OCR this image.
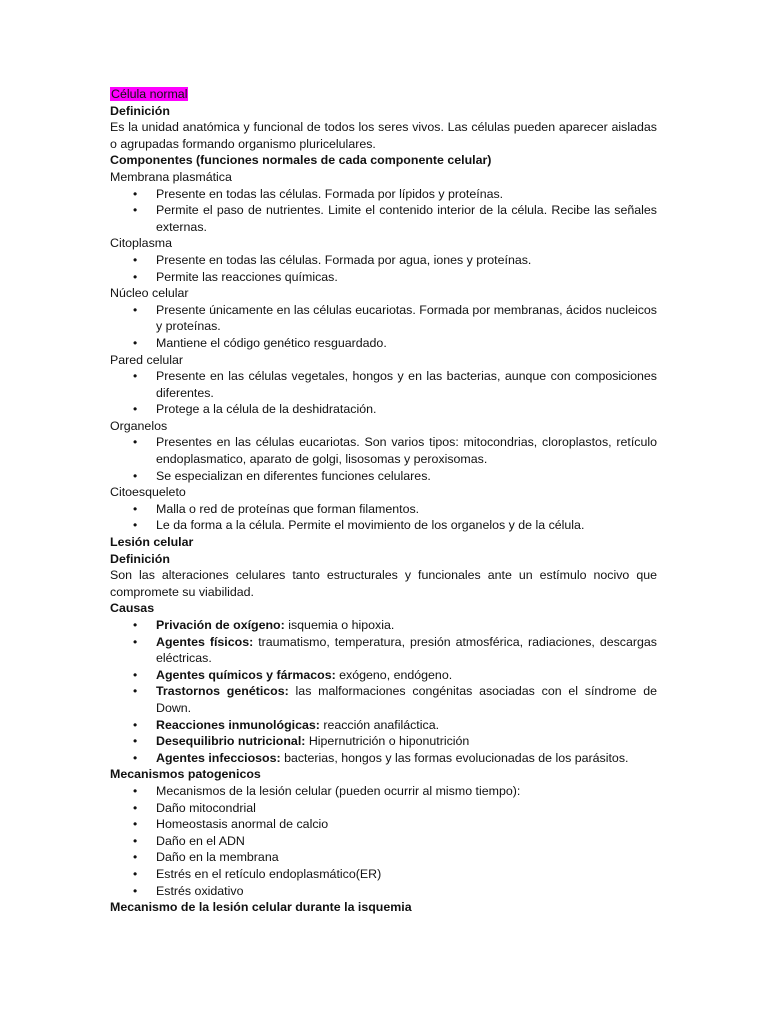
Célula normal

Definición

Es la unidad anatómica y funcional de todos los seres vivos. Las células pueden aparecer aisladas o agrupadas formando organismo pluricelulares.

Componentes (funciones normales de cada componente celular)

Membrana plasmática

• Presente en todas las células. Formada por lípidos y proteínas.
• Permite el paso de nutrientes. Limite el contenido interior de la célula. Recibe las señales externas.

Citoplasma

• Presente en todas las células. Formada por agua, iones y proteínas.
• Permite las reacciones químicas.

Núcleo celular

• Presente únicamente en las células eucariotas. Formada por membranas, ácidos nucleicos y proteínas.
• Mantiene el código genético resguardado.

Pared celular

• Presente en las células vegetales, hongos y en las bacterias, aunque con composiciones diferentes.
• Protege a la célula de la deshidratación.

Organelos

• Presentes en las células eucariotas. Son varios tipos: mitocondrias, cloroplastos, retículo endoplasmatico, aparato de golgi, lisosomas y peroxisomas.
• Se especializan en diferentes funciones celulares.

Citoesqueleto

• Malla o red de proteínas que forman filamentos.
• Le da forma a la célula. Permite el movimiento de los organelos y de la célula.

Lesión celular

Definición

Son las alteraciones celulares tanto estructurales y funcionales ante un estímulo nocivo que compromete su viabilidad.

Causas

• Privación de oxígeno: isquemia o hipoxia.
• Agentes físicos: traumatismo, temperatura, presión atmosférica, radiaciones, descargas eléctricas.
• Agentes químicos y fármacos: exógeno, endógeno.
• Trastornos genéticos: las malformaciones congénitas asociadas con el síndrome de Down.
• Reacciones inmunológicas: reacción anafiláctica.
• Desequilibrio nutricional: Hipernutrición o hiponutrición
• Agentes infecciosos: bacterias, hongos y las formas evolucionadas de los parásitos.

Mecanismos patogenicos

• Mecanismos de la lesión celular (pueden ocurrir al mismo tiempo):
• Daño mitocondrial
• Homeostasis anormal de calcio
• Daño en el ADN
• Daño en la membrana
• Estrés en el retículo endoplasmático(ER)
• Estrés oxidativo

Mecanismo de la lesión celular durante la isquemia
